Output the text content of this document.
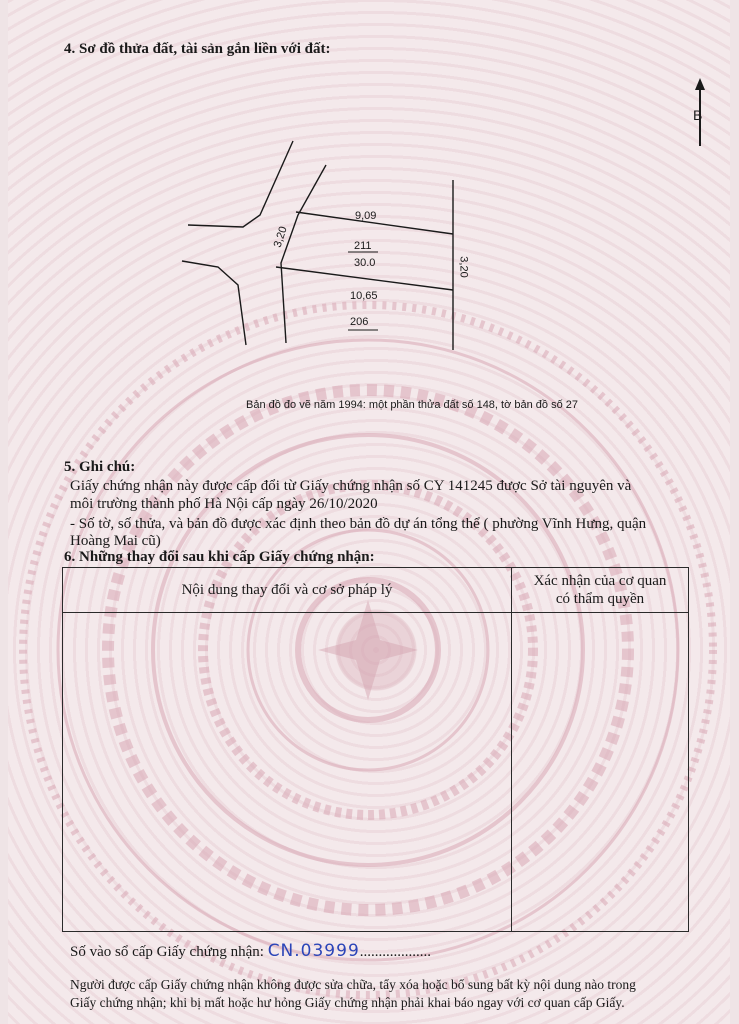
4. Sơ đồ thửa đất, tài sản gắn liền với đất:
B
9,09
3,20
3,20
211
30.0
10,65
206
Bản đồ đo vẽ năm 1994: một phần thửa đất số 148, tờ bản đồ số 27
5. Ghi chú:
Giấy chứng nhận này được cấp đổi từ Giấy chứng nhận số CY 141245 được Sở tài nguyên và
môi trường thành phố Hà Nội cấp ngày 26/10/2020
- Số tờ, số thửa, và bản đồ được xác định theo bản đồ dự án tổng thể ( phường Vĩnh Hưng, quận
Hoàng Mai cũ)
6. Những thay đổi sau khi cấp Giấy chứng nhận:
Nội dung thay đổi và cơ sở pháp lý	Xác nhận của cơ quan
có thẩm quyền

Số vào sổ cấp Giấy chứng nhận: CN.03999...................
Người được cấp Giấy chứng nhận không được sửa chữa, tẩy xóa hoặc bổ sung bất kỳ nội dung nào trong
Giấy chứng nhận; khi bị mất hoặc hư hỏng Giấy chứng nhận phải khai báo ngay với cơ quan cấp Giấy.
